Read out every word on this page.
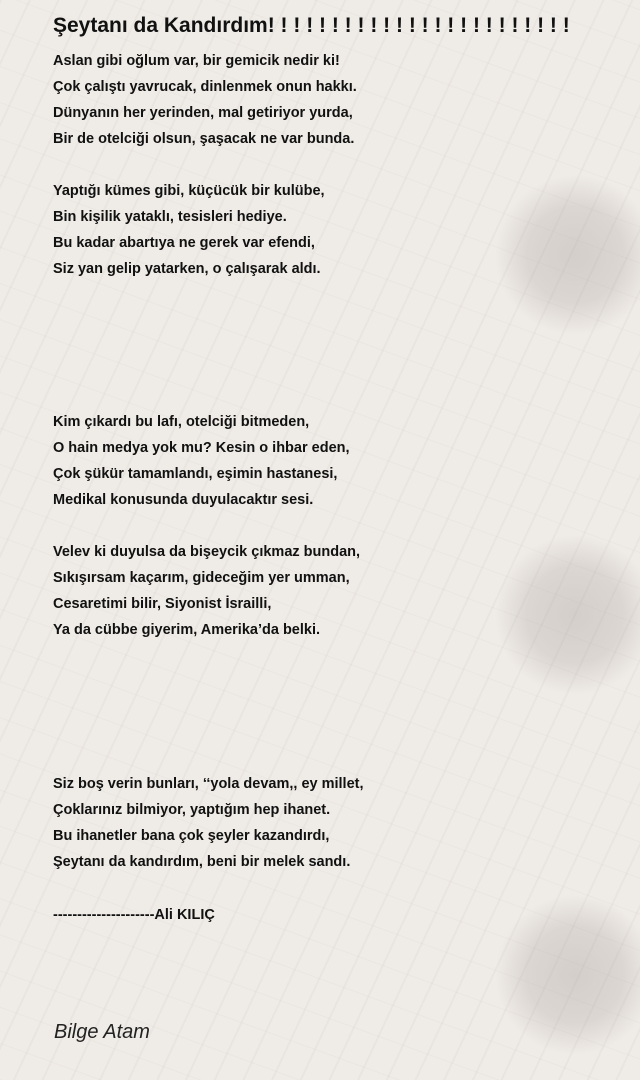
Şeytanı da Kandırdım! ! ! ! ! ! ! ! ! ! ! ! ! ! ! ! ! ! ! ! ! ! ! !
Aslan gibi oğlum var, bir gemicik nedir ki!
Çok çalıştı yavrucak, dinlenmek onun hakkı.
Dünyanın her yerinden, mal getiriyor yurda,
Bir de otelciği olsun, şaşacak ne var bunda.
Yaptığı kümes gibi, küçücük bir kulübe,
Bin kişilik yataklı, tesisleri hediye.
Bu kadar abartıya ne gerek var efendi,
Siz yan gelip yatarken, o çalışarak aldı.
Kim çıkardı bu lafı, otelciği bitmeden,
O hain medya yok mu? Kesin o ihbar eden,
Çok şükür tamamlandı, eşimin hastanesi,
Medikal konusunda duyulacaktır sesi.
Velev ki duyulsa da bişeycik çıkmaz bundan,
Sıkışırsam kaçarım, gideceğim yer umman,
Cesaretimi bilir, Siyonist İsrailli,
Ya da cübbe giyerim, Amerika’da belki.
Siz boş verin bunları, ‘‘yola devam,, ey millet,
Çoklarınız bilmiyor, yaptığım hep ihanet.
Bu ihanetler bana çok şeyler kazandırdı,
Şeytanı da kandırdım, beni bir melek sandı.

---------------------Ali KILIÇ

Bilge Atam
